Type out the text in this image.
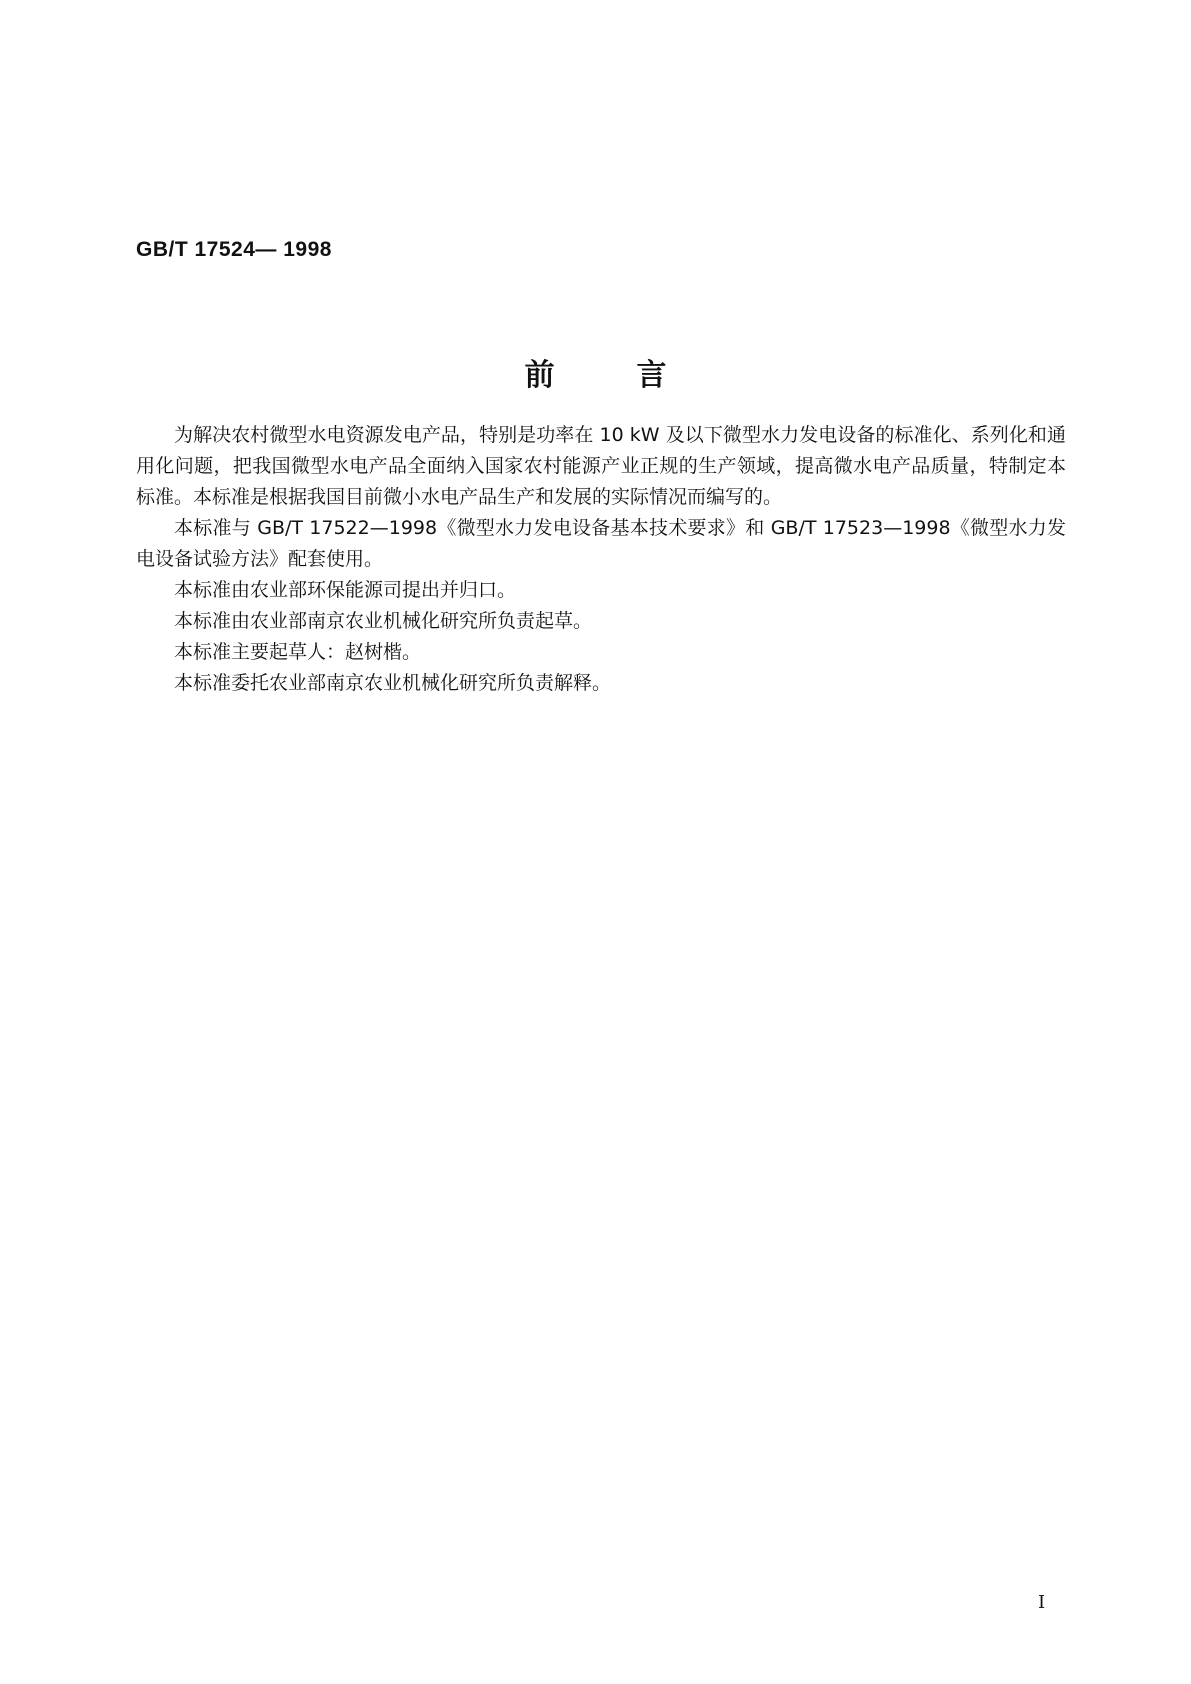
GB/T 17524— 1998
前言

为解决农村微型水电资源发电产品，特别是功率在 10 kW 及以下微型水力发电设备的标准化、系列化和通用化问题，把我国微型水电产品全面纳入国家农村能源产业正规的生产领域，提高微水电产品质量，特制定本标准。本标准是根据我国目前微小水电产品生产和发展的实际情况而编写的。

本标准与 GB/T 17522—1998《微型水力发电设备基本技术要求》和 GB/T 17523—1998《微型水力发电设备试验方法》配套使用。

本标准由农业部环保能源司提出并归口。

本标准由农业部南京农业机械化研究所负责起草。

本标准主要起草人：赵树楷。

本标准委托农业部南京农业机械化研究所负责解释。

I
